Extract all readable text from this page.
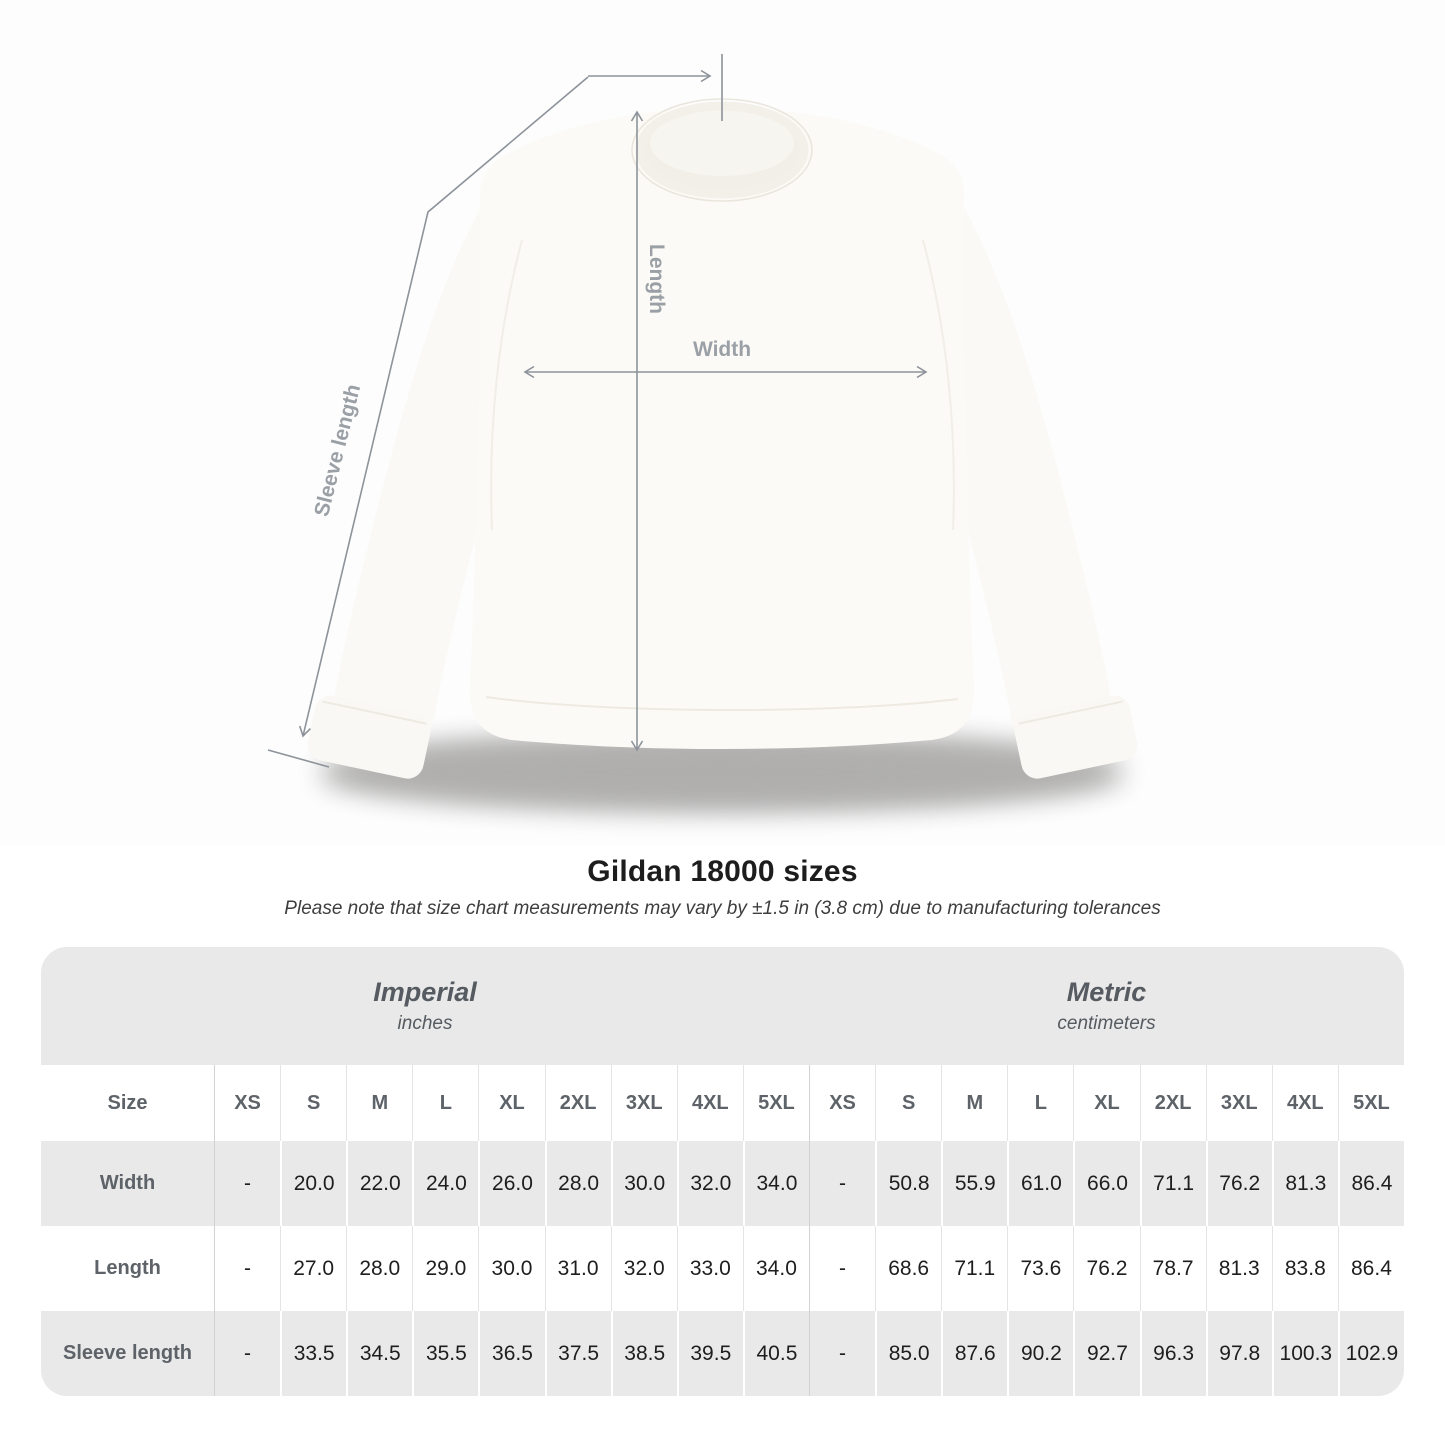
Sleeve length
Length
Width
Gildan 18000 sizes

Please note that size chart measurements may vary by ±1.5 in (3.8 cm) due to manufacturing tolerances

Imperial
inches
Metric
centimeters
Size	XS	S	M	L	XL	2XL	3XL	4XL	5XL	XS	S	M	L	XL	2XL	3XL	4XL	5XL
Width	-	20.0	22.0	24.0	26.0	28.0	30.0	32.0	34.0	-	50.8	55.9	61.0	66.0	71.1	76.2	81.3	86.4
Length	-	27.0	28.0	29.0	30.0	31.0	32.0	33.0	34.0	-	68.6	71.1	73.6	76.2	78.7	81.3	83.8	86.4
Sleeve length	-	33.5	34.5	35.5	36.5	37.5	38.5	39.5	40.5	-	85.0	87.6	90.2	92.7	96.3	97.8 100.3 102.9
